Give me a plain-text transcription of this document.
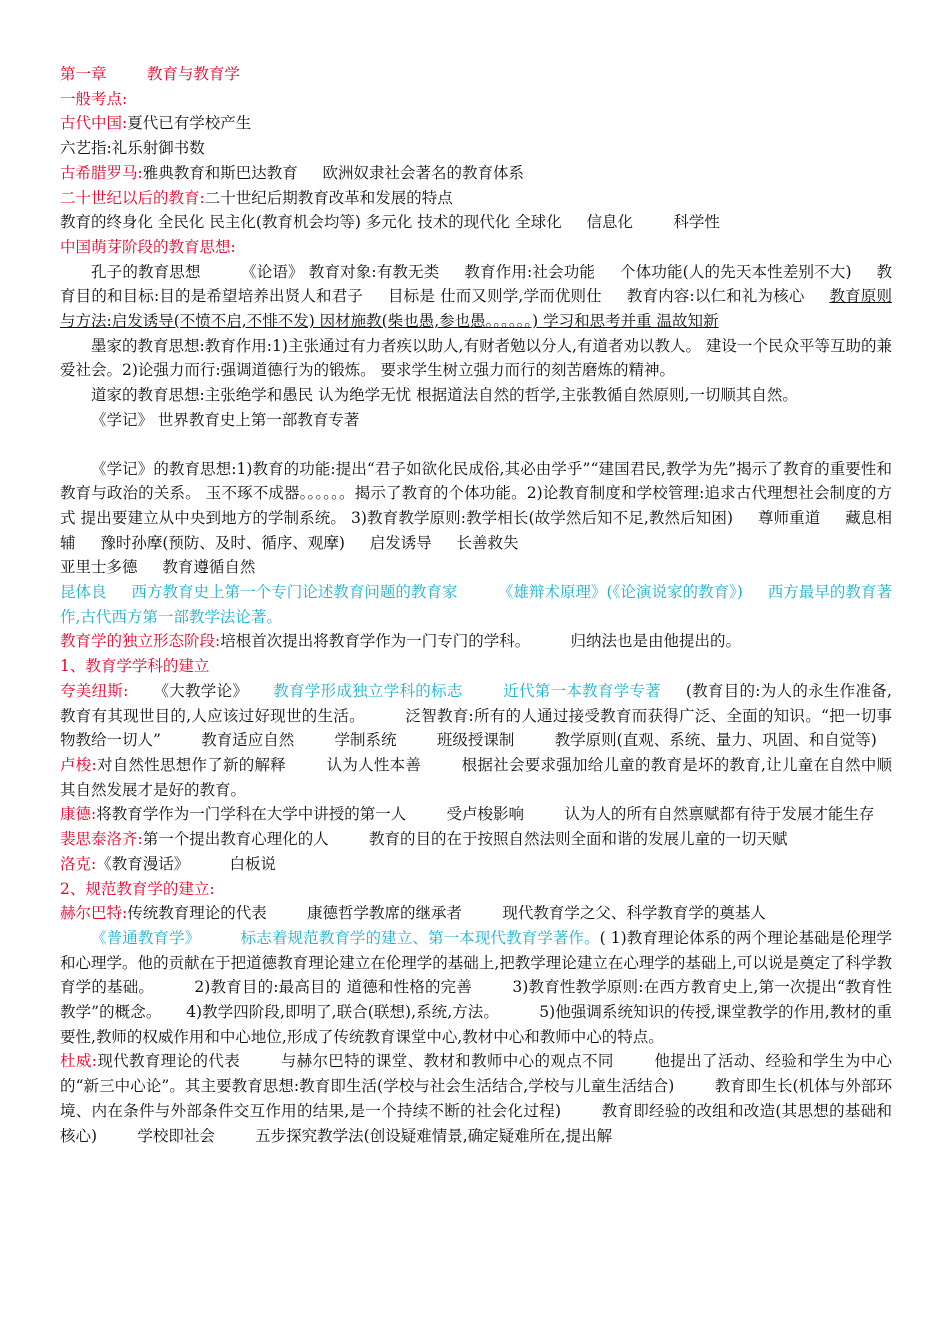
第一章	教育与教育学

一般考点:

古代中国:夏代已有学校产生

六艺指:礼乐射御书数

古希腊罗马:雅典教育和斯巴达教育 欧洲奴隶社会著名的教育体系

二十世纪以后的教育:二十世纪后期教育改革和发展的特点

教育的终身化 全民化 民主化(教育机会均等) 多元化 技术的现代化 全球化 信息化	科学性

中国萌芽阶段的教育思想:

孔子的教育思想	《论语》 教育对象:有教无类 教育作用:社会功能 个体功能(人的先天本性差别不大) 教育目的和目标:目的是希望培养出贤人和君子 目标是 仕而又则学,学而优则仕 教育内容:以仁和礼为核心 教育原则与方法:启发诱导(不愤不启,不悱不发) 因材施教(柴也愚,参也愚。。。。。。) 学习和思考并重 温故知新

墨家的教育思想:教育作用:1)主张通过有力者疾以助人,有财者勉以分人,有道者劝以教人。 建设一个民众平等互助的兼爱社会。2)论强力而行:强调道德行为的锻炼。 要求学生树立强力而行的刻苦磨炼的精神。

道家的教育思想:主张绝学和愚民 认为绝学无忧 根据道法自然的哲学,主张教循自然原则,一切顺其自然。

《学记》 世界教育史上第一部教育专著

《学记》的教育思想:1)教育的功能:提出“君子如欲化民成俗,其必由学乎”“建国君民,教学为先”揭示了教育的重要性和教育与政治的关系。 玉不琢不成器。。。。。。揭示了教育的个体功能。2)论教育制度和学校管理:追求古代理想社会制度的方式 提出要建立从中央到地方的学制系统。 3)教育教学原则:教学相长(故学然后知不足,教然后知困) 尊师重道 藏息相辅 豫时孙摩(预防、及时、循序、观摩) 启发诱导 长善救失

亚里士多德 教育遵循自然

昆体良 西方教育史上第一个专门论述教育问题的教育家	《雄辩术原理》(《论演说家的教育》) 西方最早的教育著作,古代西方第一部教学法论著。

教育学的独立形态阶段:培根首次提出将教育学作为一门专门的学科。	归纳法也是由他提出的。

1、教育学学科的建立

夸美纽斯: 《大教学论》 教育学形成独立学科的标志	近代第一本教育学专著 (教育目的:为人的永生作准备,教育有其现世目的,人应该过好现世的生活。	泛智教育:所有的人通过接受教育而获得广泛、全面的知识。“把一切事物教给一切人”	教育适应自然	学制系统	班级授课制	教学原则(直观、系统、量力、巩固、和自觉等)

卢梭:对自然性思想作了新的解释	认为人性本善	根据社会要求强加给儿童的教育是坏的教育,让儿童在自然中顺其自然发展才是好的教育。

康德:将教育学作为一门学科在大学中讲授的第一人	受卢梭影响	认为人的所有自然禀赋都有待于发展才能生存

裴思泰洛齐:第一个提出教育心理化的人	教育的目的在于按照自然法则全面和谐的发展儿童的一切天赋

洛克:《教育漫话》	白板说

2、规范教育学的建立:

赫尔巴特:传统教育理论的代表	康德哲学教席的继承者	现代教育学之父、科学教育学的奠基人

《普通教育学》	标志着规范教育学的建立、第一本现代教育学著作。( 1)教育理论体系的两个理论基础是伦理学和心理学。他的贡献在于把道德教育理论建立在伦理学的基础上,把教学理论建立在心理学的基础上,可以说是奠定了科学教育学的基础。	2)教育目的:最高目的 道德和性格的完善	3)教育性教学原则:在西方教育史上,第一次提出“教育性教学”的概念。 4)教学四阶段,即明了,联合(联想),系统,方法。	5)他强调系统知识的传授,课堂教学的作用,教材的重要性,教师的权威作用和中心地位,形成了传统教育课堂中心,教材中心和教师中心的特点。

杜威:现代教育理论的代表	与赫尔巴特的课堂、教材和教师中心的观点不同	他提出了活动、经验和学生为中心的“新三中心论”。其主要教育思想:教育即生活(学校与社会生活结合,学校与儿童生活结合)	教育即生长(机体与外部环境、内在条件与外部条件交互作用的结果,是一个持续不断的社会化过程)	教育即经验的改组和改造(其思想的基础和核心)	学校即社会	五步探究教学法(创设疑难情景,确定疑难所在,提出解
